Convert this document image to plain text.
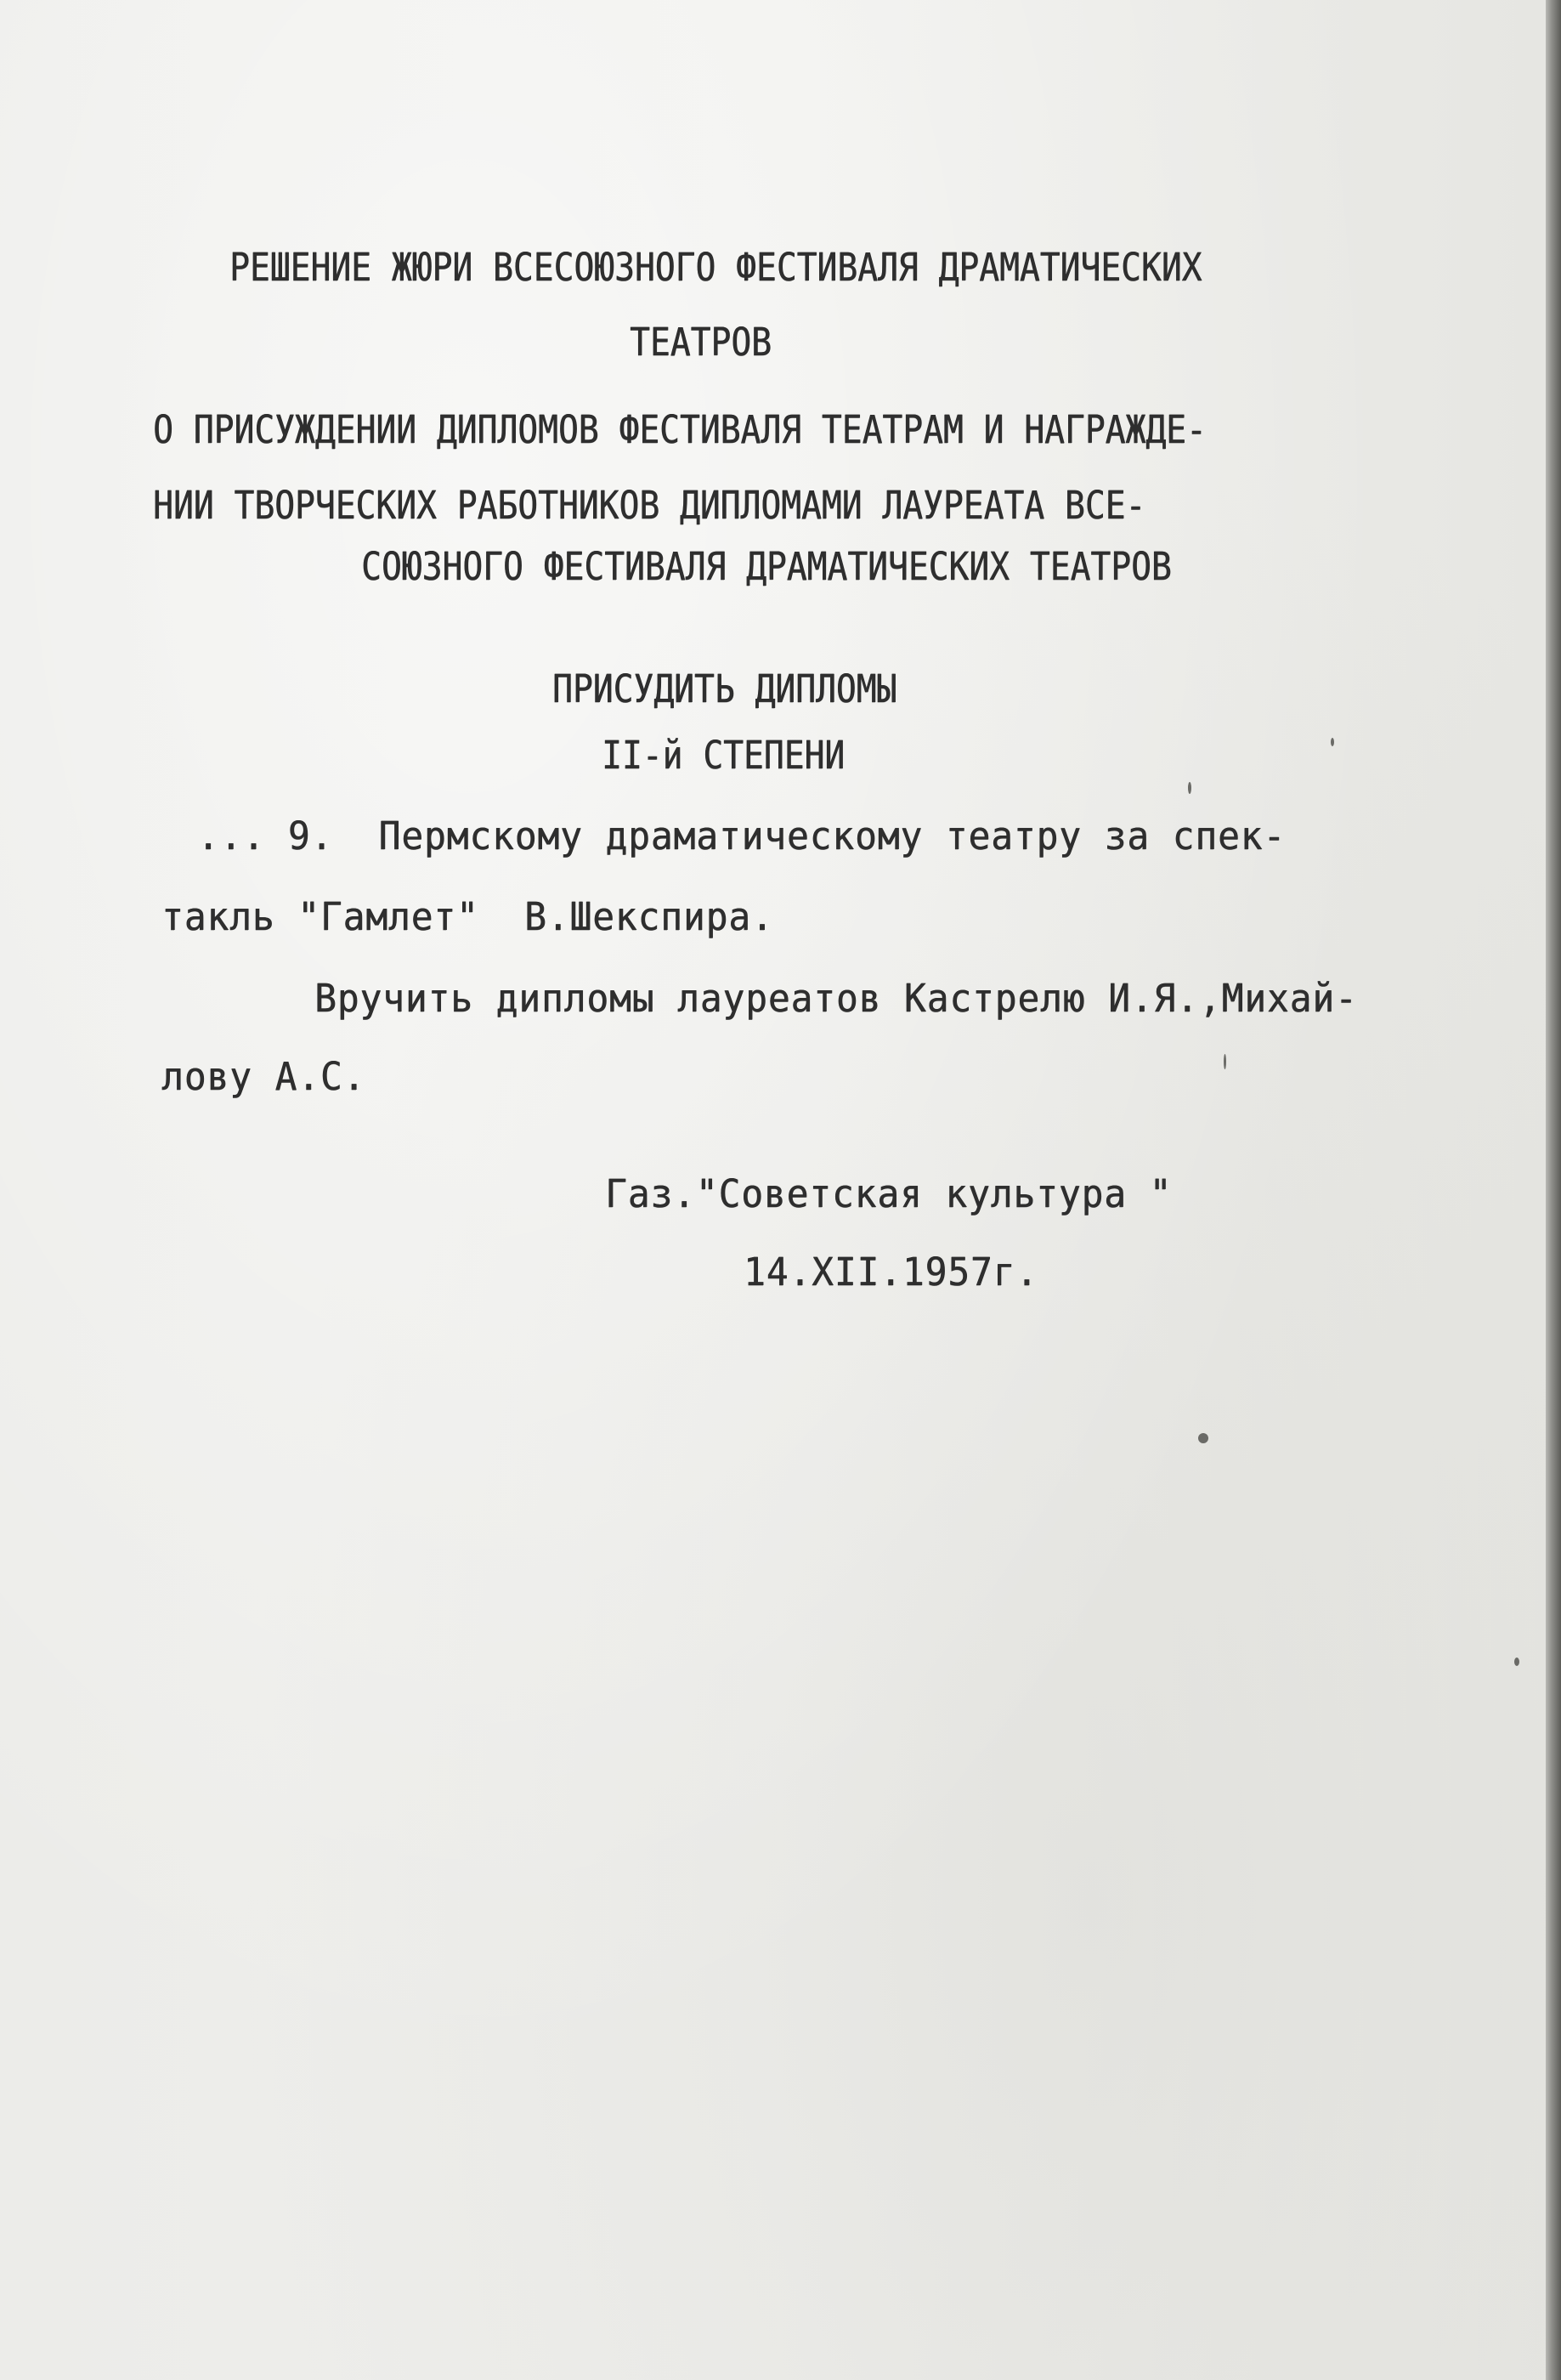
РЕШЕНИЕ ЖЮРИ ВСЕСОЮЗНОГО ФЕСТИВАЛЯ ДРАМАТИЧЕСКИХ
ТЕАТРОВ
О ПРИСУЖДЕНИИ ДИПЛОМОВ ФЕСТИВАЛЯ ТЕАТРАМ И НАГРАЖДЕ-
НИИ ТВОРЧЕСКИХ РАБОТНИКОВ ДИПЛОМАМИ ЛАУРЕАТА ВСЕ-
СОЮЗНОГО ФЕСТИВАЛЯ ДРАМАТИЧЕСКИХ ТЕАТРОВ
ПРИСУДИТЬ ДИПЛОМЫ
II-й СТЕПЕНИ
... 9.  Пермскому драматическому театру за спек-
такль "Гамлет"  В.Шекспира.
Вручить дипломы лауреатов Кастрелю И.Я.,Михай-
лову А.С.
Газ."Советская культура "
14.XII.1957г.
